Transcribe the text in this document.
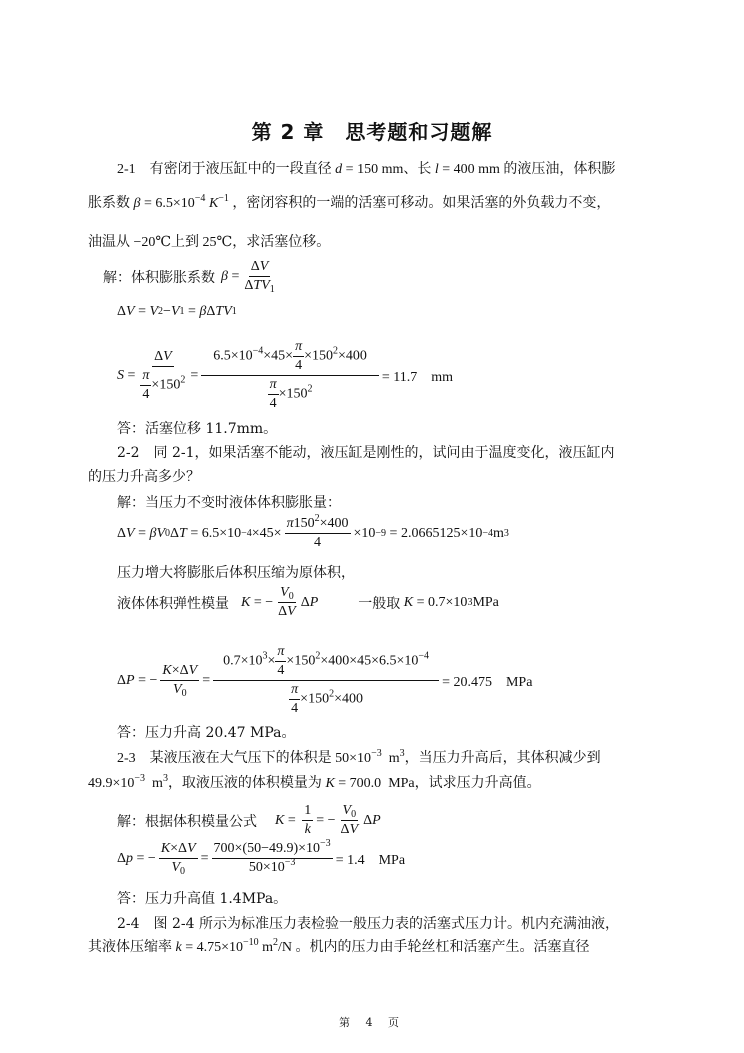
第 2 章　思考题和习题解
2-1　有密闭于液压缸中的一段直径 d = 150 mm、长 l = 400 mm 的液压油，体积膨
胀系数 $\beta = 6.5\times 10^{-4}$ $K^{-1}$ ，密闭容积的一端的活塞可移动。如果活塞的外负载力不变，
油温从 −20℃上到 25℃，求活塞位移。
解：体积膨胀系数 $\beta = \frac{\Delta V}{\Delta TV_1}$
Δ V = V 2 − V 1 = β Δ T V 1
$S = \frac{\Delta V}{\frac{\pi}{4} \times 150^2} = \frac{6.5\times 10^{-4}\times 45\times \frac{\pi}{4} \times 150^2\times 400}{\frac{\pi}{4} \times 150^2} = 11.7$　mm
答：活塞位移 11.7mm。
2-2　同 2-1，如果活塞不能动，液压缸是刚性的，试问由于温度变化，液压缸内
的压力升高多少？
解：当压力不变时液体体积膨胀量：
Δ V = β V 0 Δ $T = 6.5\times 10 -4 \times 45\times \frac{\pi 150^2\times 400}{4} \times 10 -9$
= 2.0665125×10 −4 m 3
压力增大将膨胀后体积压缩为原体积，
液体体积弹性模量 K = − $\frac{V_0}{\Delta V}$ Δ P	一般取
K
= 0.7×10 3 MPa
Δ P = − $\frac{K\times\Delta V}{V_0} = \frac{0.7\times 10^3\times \frac{\pi}{4} \times 150^2\times 400\times 45\times 6.5\times 10^{-4}}{\frac{\pi}{4} \times 150^2\times 400} = 20.475$　MPa
答：压力升高 20.47 MPa。
2-3　某液压液在大气压下的体积是 $50\times 10^{-3}$ $m^3$，当压力升高后，其体积减少到
$49.9\times 10^{-3}$ $m^3$，取液压液的体积模量为 K = 700.0 MPa，试求压力升高值。
解：根据体积模量公式 $K = \frac{1}{k}$ = − $\frac{V_0}{\Delta V}$ Δ P
Δ p = − $\frac{K\times\Delta V}{V_0} = \frac{700\times(50-49.9)\times 10^{-3}}{50\times 10^{-3}} = 1.4$　MPa
答：压力升高值 1.4MPa。
2-4　图 2-4 所示为标准压力表检验一般压力表的活塞式压力计。机内充满油液，
其液体压缩率 $k = 4.75\times 10^{-10}$ $m^2/N$ 。机内的压力由手轮丝杠和活塞产生。活塞直径
第 4 页
